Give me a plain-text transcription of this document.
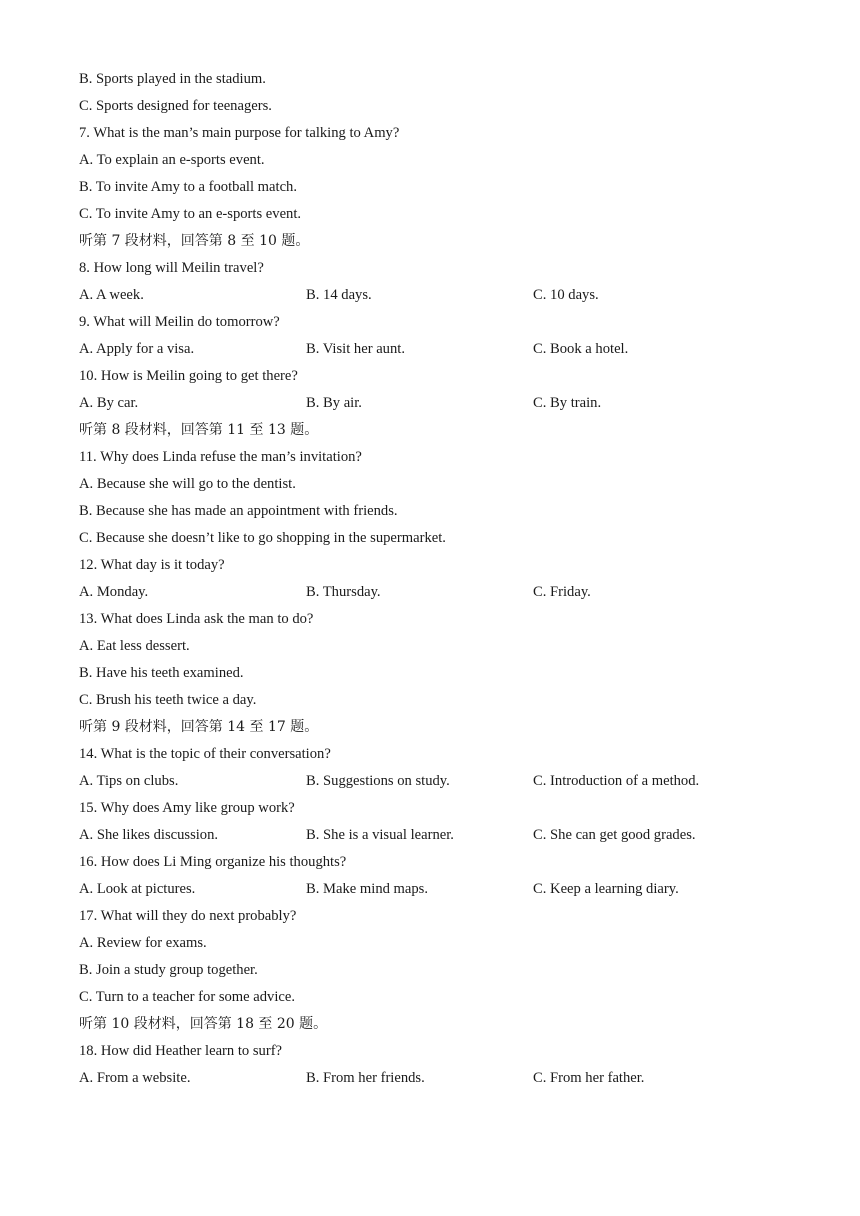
B. Sports played in the stadium.
C. Sports designed for teenagers.
7. What is the man’s main purpose for talking to Amy?
A. To explain an e-sports event.
B. To invite Amy to a football match.
C. To invite Amy to an e-sports event.
听第 7 段材料，回答第 8 至 10 题。
8. How long will Meilin travel?
A. A week.	B. 14 days.	C. 10 days.
9. What will Meilin do tomorrow?
A. Apply for a visa.	B. Visit her aunt.	C. Book a hotel.
10. How is Meilin going to get there?
A. By car.	B. By air.	C. By train.
听第 8 段材料，回答第 11 至 13 题。
11. Why does Linda refuse the man’s invitation?
A. Because she will go to the dentist.
B. Because she has made an appointment with friends.
C. Because she doesn’t like to go shopping in the supermarket.
12. What day is it today?
A. Monday.	B. Thursday.	C. Friday.
13. What does Linda ask the man to do?
A. Eat less dessert.
B. Have his teeth examined.
C. Brush his teeth twice a day.
听第 9 段材料，回答第 14 至 17 题。
14. What is the topic of their conversation?
A. Tips on clubs.	B. Suggestions on study.	C. Introduction of a method.
15. Why does Amy like group work?
A. She likes discussion.	B. She is a visual learner.	C. She can get good grades.
16. How does Li Ming organize his thoughts?
A. Look at pictures.	B. Make mind maps.	C. Keep a learning diary.
17. What will they do next probably?
A. Review for exams.
B. Join a study group together.
C. Turn to a teacher for some advice.
听第 10 段材料，回答第 18 至 20 题。
18. How did Heather learn to surf?
A. From a website.	B. From her friends.	C. From her father.
